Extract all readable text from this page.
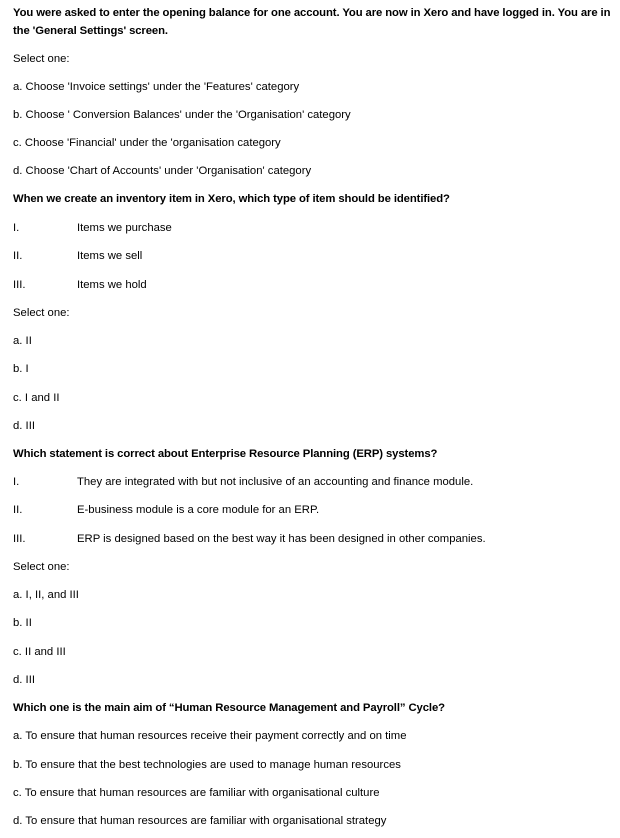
You were asked to enter the opening balance for one account. You are now in Xero and have logged in. You are in the 'General Settings' screen.
Select one:
a. Choose 'Invoice settings' under the 'Features' category
b. Choose ' Conversion Balances' under the 'Organisation' category
c. Choose 'Financial' under the 'organisation category
d. Choose 'Chart of Accounts' under 'Organisation' category
When we create an inventory item in Xero, which type of item should be identified?
I.	Items we purchase
II.	Items we sell
III.	Items we hold
Select one:
a. II
b. I
c. I and II
d. III
Which statement is correct about Enterprise Resource Planning (ERP) systems?
I.	They are integrated with but not inclusive of an accounting and finance module.
II.	E-business module is a core module for an ERP.
III.	ERP is designed based on the best way it has been designed in other companies.
Select one:
a. I, II, and III
b. II
c. II and III
d. III
Which one is the main aim of “Human Resource Management and Payroll” Cycle?
a. To ensure that human resources receive their payment correctly and on time
b. To ensure that the best technologies are used to manage human resources
c. To ensure that human resources are familiar with organisational culture
d. To ensure that human resources are familiar with organisational strategy
